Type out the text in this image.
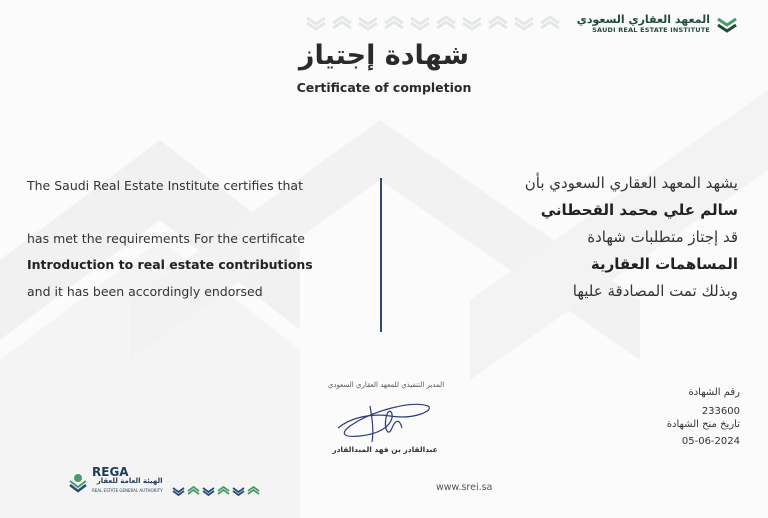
المعهد العقاري السعودي
SAUDI REAL ESTATE INSTITUTE
شهادة إجتياز
Certificate of completion
The Saudi Real Estate Institute certifies that
has met the requirements For the certificate
Introduction to real estate contributions
and it has been accordingly endorsed
يشهد المعهد العقاري السعودي بأن
سالم علي محمد القحطاني
قد إجتاز متطلبات شهادة
المساهمات العقارية
وبذلك تمت المصادقة عليها
المدير التنفيذي للمعهد العقاري السعودي
عبدالقادر بن فهد المبدالقادر
رقم الشهادة
233600
تاريخ منح الشهادة
05-06-2024
REGA
الهيئة العامة للعقار
REAL ESTATE GENERAL AUTHORITY	www.srei.sa
